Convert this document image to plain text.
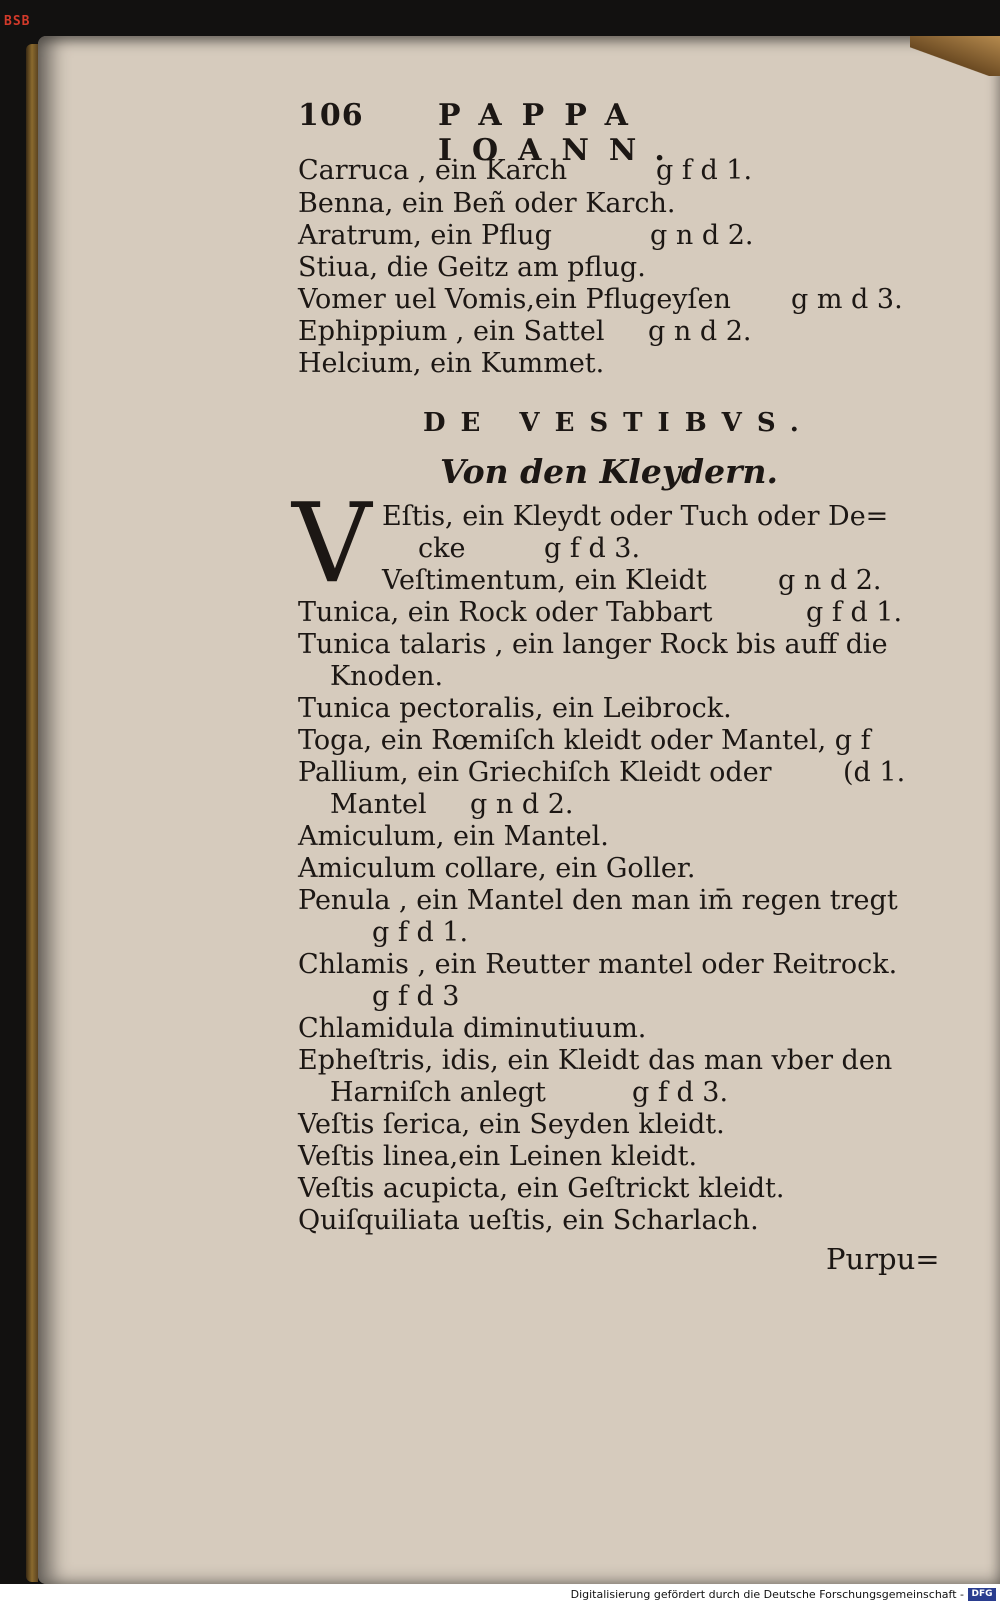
BSB
106 PAPPA IOANN.
Carruca , ein Karch	g f d 1.
Benna, ein Beñ oder Karch.
Aratrum, ein Pflug	g n d 2.
Stiua, die Geitz am pflug.
Vomer uel Vomis,ein Pflugeyſen g m d 3.
Ephippium , ein Sattel g n d 2.
Helcium, ein Kummet.
DE VESTIBVS.
Von den Kleydern.
V Eſtis, ein Kleydt oder Tuch oder De=
cke	g f d 3.
Veſtimentum, ein Kleidt	g n d 2.
Tunica, ein Rock oder Tabbart	g f d 1.
Tunica talaris , ein langer Rock bis auff die
Knoden.
Tunica pectoralis, ein Leibrock.
Toga, ein Rœmiſch kleidt oder Mantel, g f
Pallium, ein Griechiſch Kleidt oder	(d 1.
Mantel g n d 2.
Amiculum, ein Mantel.
Amiculum collare, ein Goller.
Penula , ein Mantel den man im̄ regen tregt
g f d 1.
Chlamis , ein Reutter mantel oder Reitrock.
g f d 3
Chlamidula diminutiuum.
Epheſtris, idis, ein Kleidt das man vber den
Harniſch anlegt	g f d 3.
Veſtis ſerica, ein Seyden kleidt.
Veſtis linea,ein Leinen kleidt.
Veſtis acupicta, ein Geſtrickt kleidt.
Quiſquiliata ueſtis, ein Scharlach.
Purpu=
Digitalisierung gefördert durch die Deutsche Forschungsgemeinschaft - DFG
